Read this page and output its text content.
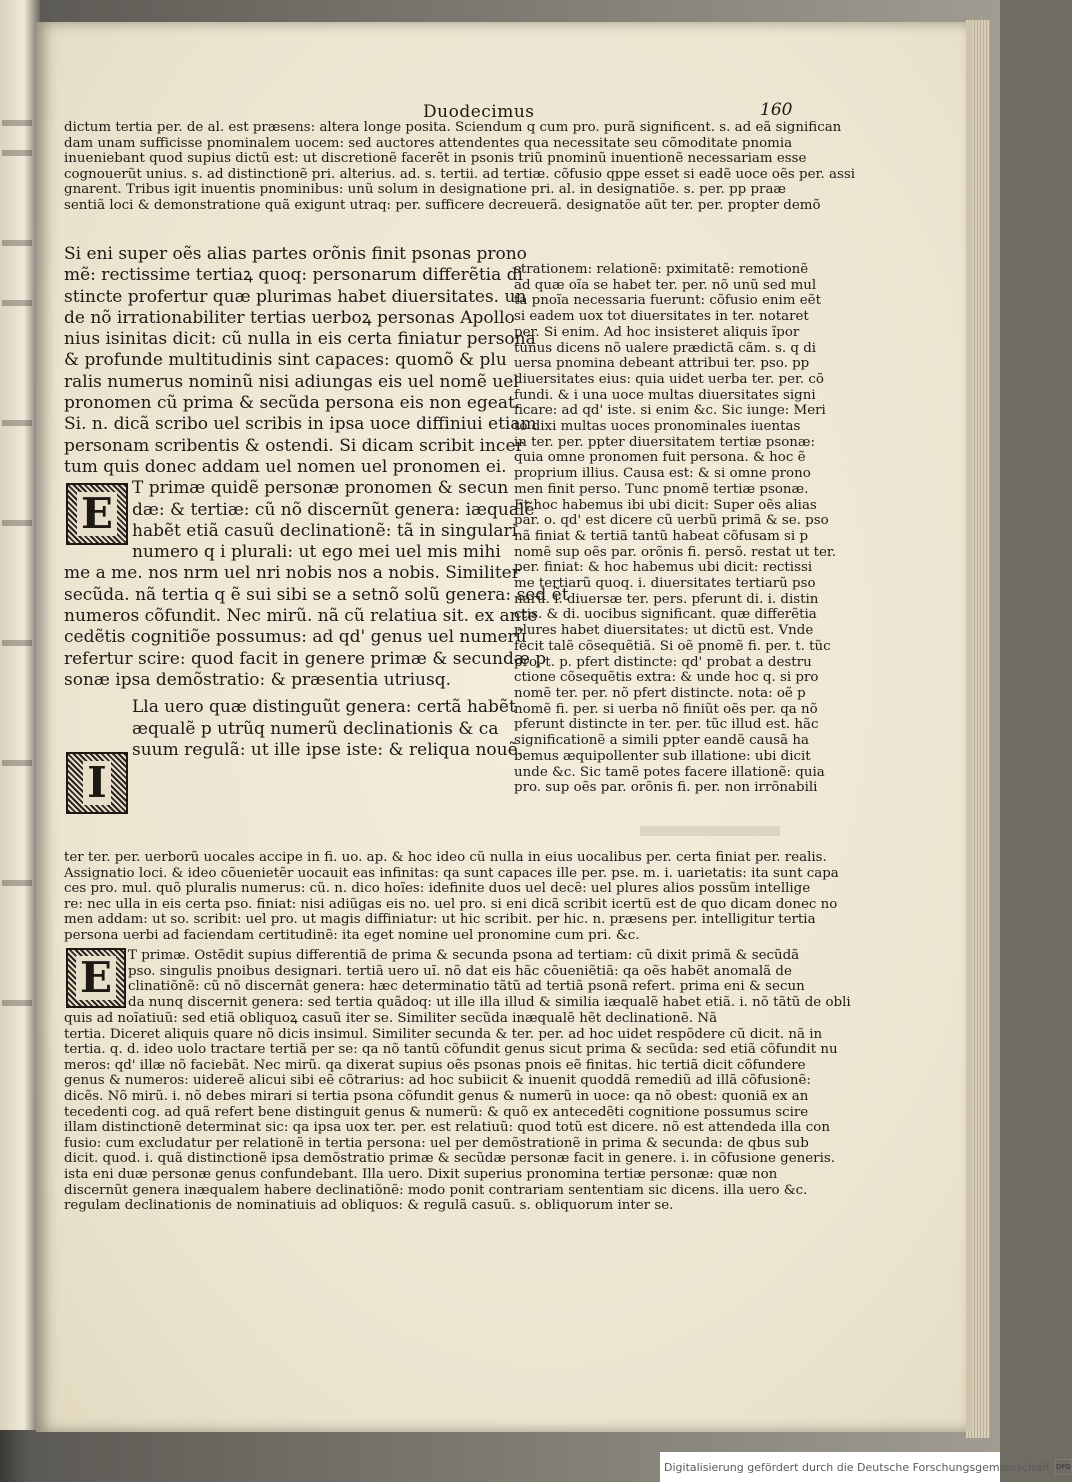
Duodecimus	160
dictum tertia per. de al. est præsens: altera longe posita. Sciendum q cum pro. purã significent. s. ad eã significan
dam unam sufficisse pnominalem uocem: sed auctores attendentes qua necessitate seu cõmoditate pnomia
inueniebant quod supius dictũ est: ut discretionẽ facerẽt in psonis triũ pnominũ inuentionẽ necessariam esse
cognouerũt unius. s. ad distinctionẽ pri. alterius. ad. s. tertii. ad tertiæ. cõfusio qppe esset si eadẽ uoce oẽs per. assi
gnarent. Tribus igit inuentis pnominibus: unũ solum in designatione pri. al. in designatiõe. s. per. pp praæ
sentiã loci & demonstratione quã exigunt utraq: per. sufficere decreuerã. designatõe aũt ter. per. propter demõ
Si eni super oẽs alias partes orõnis finit psonas prono
mẽ: rectissime tertiaꝝ quoq: personarum differẽtia di
stincte profertur quæ plurimas habet diuersitates. un
de nõ irrationabiliter tertias uerboꝝ personas Apollo
nius isinitas dicit: cũ nulla in eis certa finiatur persona
& profunde multitudinis sint capaces: quomõ & plu
ralis numerus nominũ nisi adiungas eis uel nomẽ uel
pronomen cũ prima & secũda persona eis non egeat.
Si. n. dicã scribo uel scribis in ipsa uoce diffiniui etiam
personam scribentis & ostendi. Si dicam scribit incer
tum quis donec addam uel nomen uel pronomen ei.
T primæ quidẽ personæ pronomen & secun
dæ: & tertiæ: cũ nõ discernũt genera: iæqualẽ
habẽt etiã casuũ declinationẽ: tã in singulari
numero q i plurali: ut ego mei uel mis mihi
me a me. nos nrm uel nri nobis nos a nobis. Similiter
secũda. nã tertia q ẽ sui sibi se a setnõ solũ genera: sed ẽt
numeros cõfundit. Nec mirũ. nã cũ relatiua sit. ex ante
cedẽtis cognitiõe possumus: ad qd' genus uel numerũ
refertur scire: quod facit in genere primæ & secundæ p
sonæ ipsa demõstratio: & præsentia utriusq.
Lla uero quæ distinguũt genera: certã habẽt
æqualẽ p utrũq numerũ declinationis & ca
suum regulã: ut ille ipse iste: & reliqua nouẽ.
E
I
strationem: relationẽ: pximitatẽ: remotionẽ
ad quæ oĩa se habet ter. per. nõ unũ sed mul
ta pnoĩa necessaria fuerunt: cõfusio enim eẽt
si eadem uox tot diuersitates in ter. notaret
per. Si enim. Ad hoc insisteret aliquis ĩpor
tunus dicens nõ ualere prædictã cãm. s. q di
uersa pnomina debeant attribui ter. pso. pp
diuersitates eius: quia uidet uerba ter. per. cõ
fundi. & i una uoce multas diuersitates signi
ficare: ad qd' iste. si enim &c. Sic iunge: Meri
to dixi multas uoces pronominales iuentas
in ter. per. ppter diuersitatem tertiæ psonæ:
quia omne pronomen fuit persona. & hoc ẽ
proprium illius. Causa est: & si omne prono
men finit perso. Tunc pnomẽ tertiæ psonæ.
Et hoc habemus ibi ubi dicit: Super oẽs alias
par. o. qd' est dicere cũ uerbũ primã & se. pso
nã finiat & tertiã tantũ habeat cõfusam si p
nomẽ sup oẽs par. orõnis fi. persõ. restat ut ter.
per. finiat: & hoc habemus ubi dicit: rectissi
me tertiarũ quoq. i. diuersitates tertiarũ pso
narũ. i. diuersæ ter. pers. pferunt di. i. distin
ctis. & di. uocibus significant. quæ differẽtia
plures habet diuersitates: ut dictũ est. Vnde
fecit talẽ cõsequẽtiã. Si oẽ pnomẽ fi. per. t. tũc
pro. t. p. pfert distincte: qd' probat a destru
ctione cõsequẽtis extra: & unde hoc q. si pro
nomẽ ter. per. nõ pfert distincte. nota: oẽ p
nomẽ fi. per. si uerba nõ finiũt oẽs per. qa nõ
pferunt distincte in ter. per. tũc illud est. hãc
significationẽ a simili ppter eandẽ causã ha
bemus æquipollenter sub illatione: ubi dicit
unde &c. Sic tamẽ potes facere illationẽ: quia
pro. sup oẽs par. orõnis fi. per. non irrõnabili
ter ter. per. uerborũ uocales accipe in fi. uo. ap. & hoc ideo cũ nulla in eius uocalibus per. certa finiat per. realis.
Assignatio loci. & ideo cõuenietẽr uocauit eas infinitas: qa sunt capaces ille per. pse. m. i. uarietatis: ita sunt capa
ces pro. mul. quõ pluralis numerus: cũ. n. dico hoĩes: idefinite duos uel decẽ: uel plures alios possũm intellige
re: nec ulla in eis certa pso. finiat: nisi adiũgas eis no. uel pro. si eni dicã scribit icertũ est de quo dicam donec no
men addam: ut so. scribit: uel pro. ut magis diffiniatur: ut hic scribit. per hic. n. præsens per. intelligitur tertia
persona uerbi ad faciendam certitudinẽ: ita eget nomine uel pronomine cum pri. &c.
E T primæ. Ostẽdit supius differentiã de prima & secunda psona ad tertiam: cũ dixit primã & secũdã
pso. singulis pnoibus designari. tertiã uero uĩ. nõ dat eis hãc cõueniẽtiã: qa oẽs habẽt anomalã de
clinatiõnẽ: cũ nõ discernãt genera: hæc determinatio tãtũ ad tertiã psonã refert. prima eni & secun
da nunq discernit genera: sed tertia quãdoq: ut ille illa illud & similia iæqualẽ habet etiã. i. nõ tãtũ de obli
quis ad noĩatiuũ: sed etiã obliquoꝝ casuũ iter se. Similiter secũda inæqualẽ hẽt declinationẽ. Nã
tertia. Diceret aliquis quare nõ dicis insimul. Similiter secunda & ter. per. ad hoc uidet respõdere cũ dicit. nã in
tertia. q. d. ideo uolo tractare tertiã per se: qa nõ tantũ cõfundit genus sicut prima & secũda: sed etiã cõfundit nu
meros: qd' illæ nõ faciebãt. Nec mirũ. qa dixerat supius oẽs psonas pnois eẽ finitas. hic tertiã dicit cõfundere
genus & numeros: uidereẽ alicui sibi eẽ cõtrarius: ad hoc subiicit & inuenit quoddã remediũ ad illã cõfusionẽ:
dicẽs. Nõ mirũ. i. nõ debes mirari si tertia psona cõfundit genus & numerũ in uoce: qa nõ obest: quoniã ex an
tecedenti cog. ad quã refert bene distinguit genus & numerũ: & quõ ex antecedẽti cognitione possumus scire
illam distinctionẽ determinat sic: qa ipsa uox ter. per. est relatiuũ: quod totũ est dicere. nõ est attendeda illa con
fusio: cum excludatur per relationẽ in tertia persona: uel per demõstrationẽ in prima & secunda: de qbus sub
dicit. quod. i. quã distinctionẽ ipsa demõstratio primæ & secũdæ personæ facit in genere. i. in cõfusione generis.
ista eni duæ personæ genus confundebant. Illa uero. Dixit superius pronomina tertiæ personæ: quæ non
discernũt genera inæqualem habere declinatiõnẽ: modo ponit contrariam sententiam sic dicens. illa uero &c.
regulam declinationis de nominatiuis ad obliquos: & regulã casuũ. s. obliquorum inter se.
Digitalisierung gefördert durch die Deutsche Forschungsgemeinschaft DFG
